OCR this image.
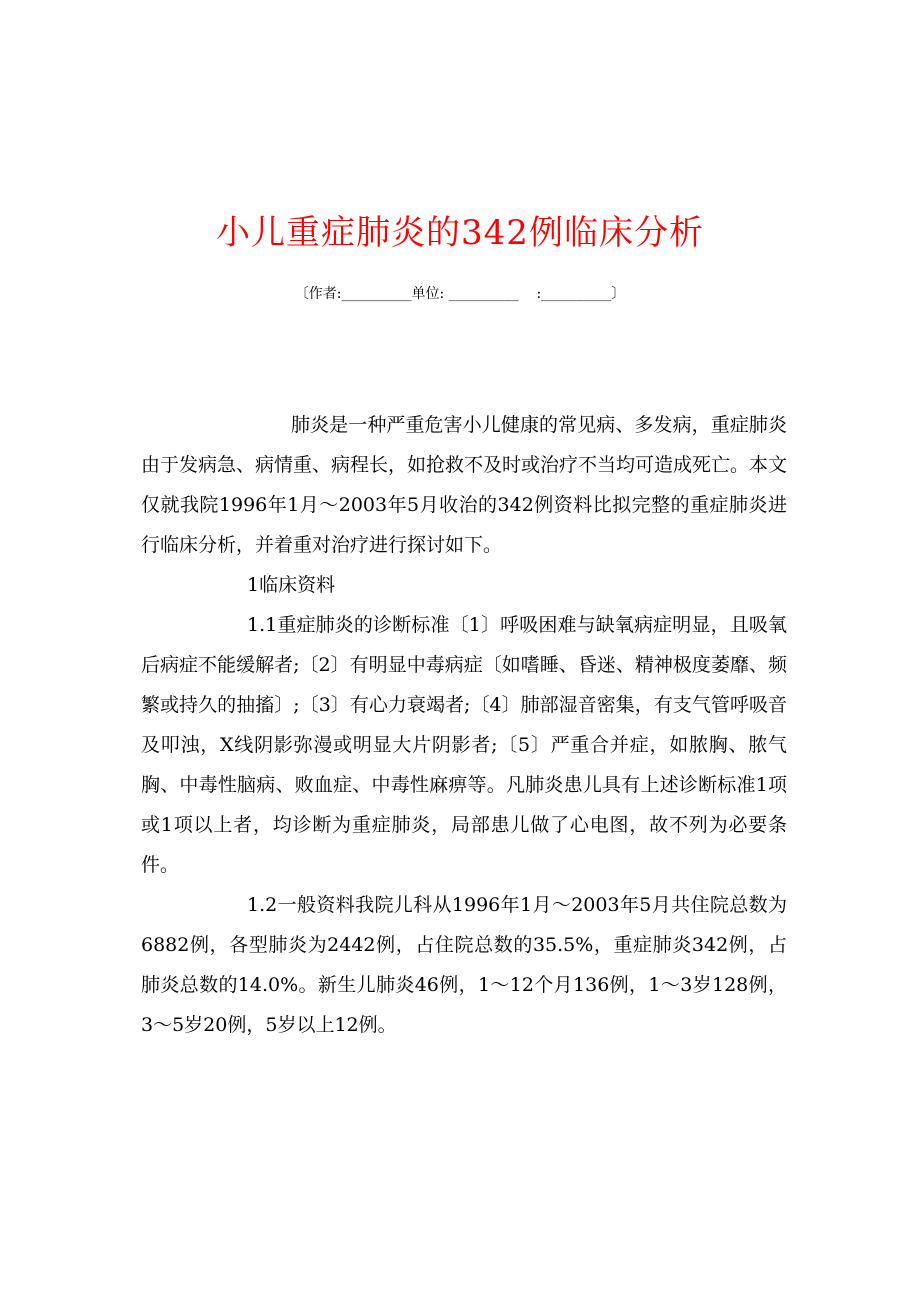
小儿重症肺炎的342例临床分析
〔作者:__________单位: __________    :__________〕

肺炎是一种严重危害小儿健康的常见病、多发病，重症肺炎由于发病急、病情重、病程长，如抢救不及时或治疗不当均可造成死亡。本文仅就我院1996年1月～2003年5月收治的342例资料比拟完整的重症肺炎进行临床分析，并着重对治疗进行探讨如下。

1临床资料

1.1重症肺炎的诊断标准〔1〕呼吸困难与缺氧病症明显，且吸氧后病症不能缓解者;〔2〕有明显中毒病症〔如嗜睡、昏迷、精神极度萎靡、频繁或持久的抽搐〕;〔3〕有心力衰竭者;〔4〕肺部湿音密集，有支气管呼吸音及叩浊，X线阴影弥漫或明显大片阴影者;〔5〕严重合并症，如脓胸、脓气胸、中毒性脑病、败血症、中毒性麻痹等。凡肺炎患儿具有上述诊断标准1项或1项以上者，均诊断为重症肺炎，局部患儿做了心电图，故不列为必要条件。

1.2一般资料我院儿科从1996年1月～2003年5月共住院总数为6882例，各型肺炎为2442例，占住院总数的35.5%，重症肺炎342例，占肺炎总数的14.0%。新生儿肺炎46例，1～12个月136例，1～3岁128例，3～5岁20例，5岁以上12例。
